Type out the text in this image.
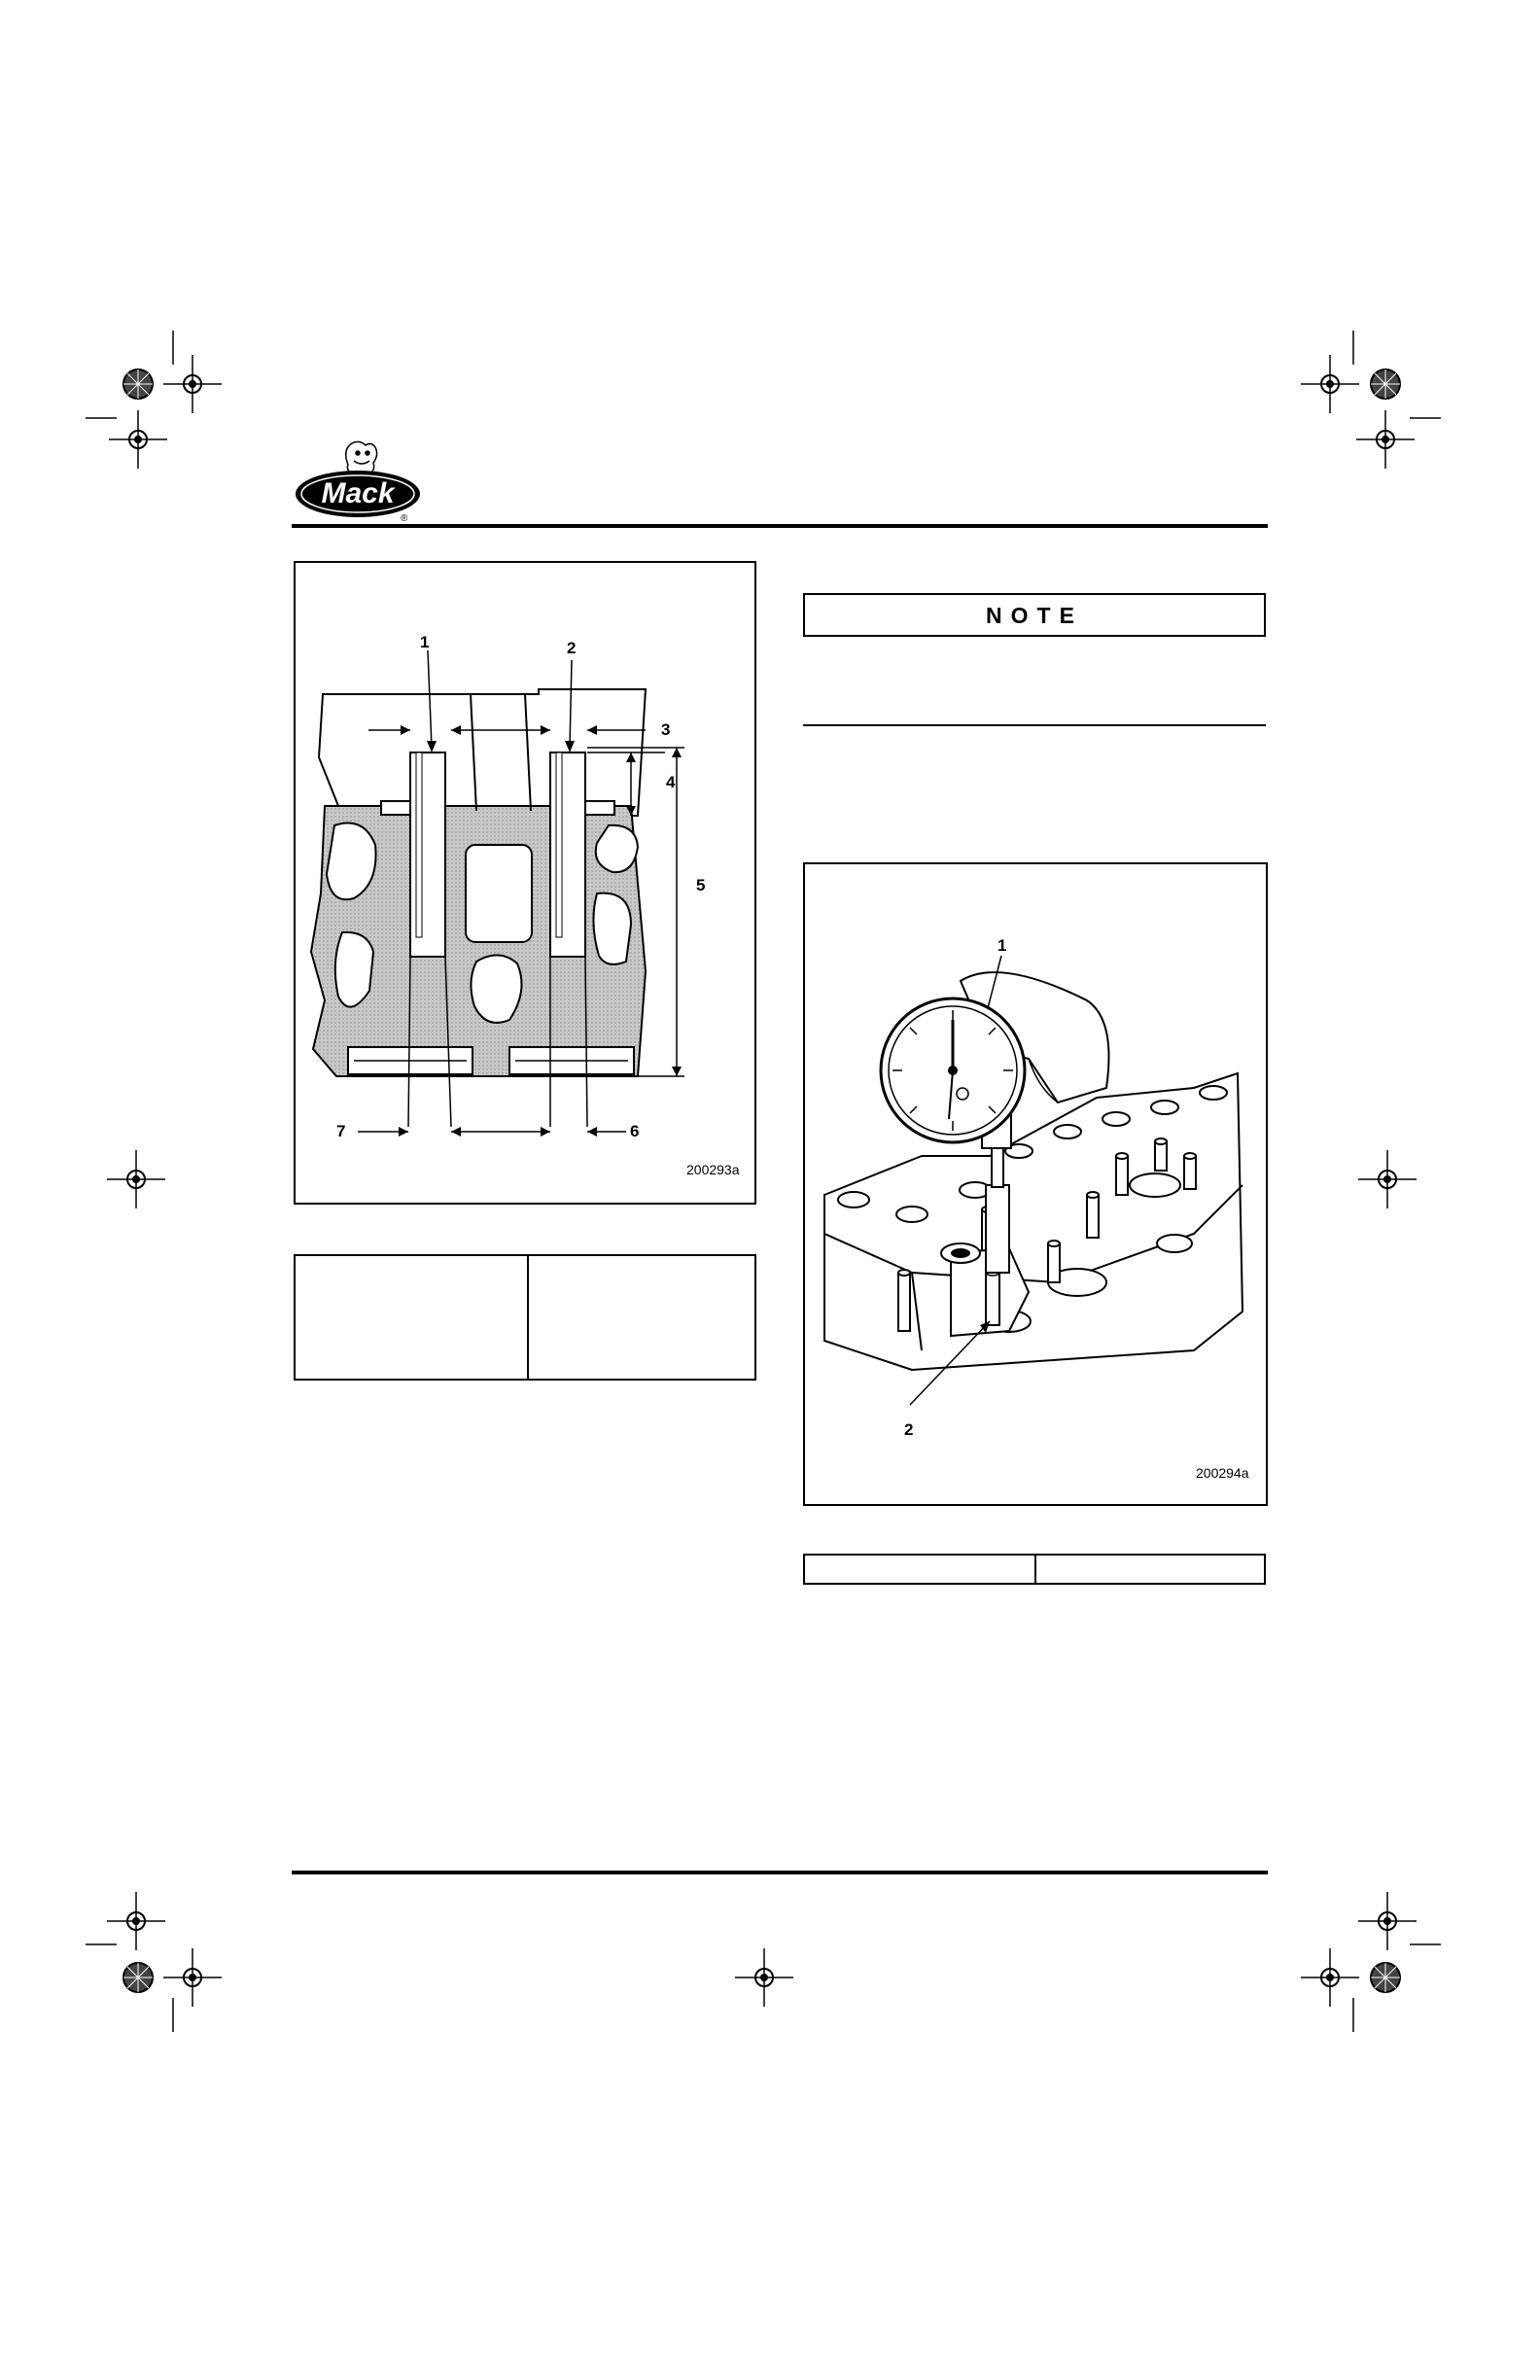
Mack
®
1	2
3
4
5
6
7
200293a
NOTE
1
2
200294a
